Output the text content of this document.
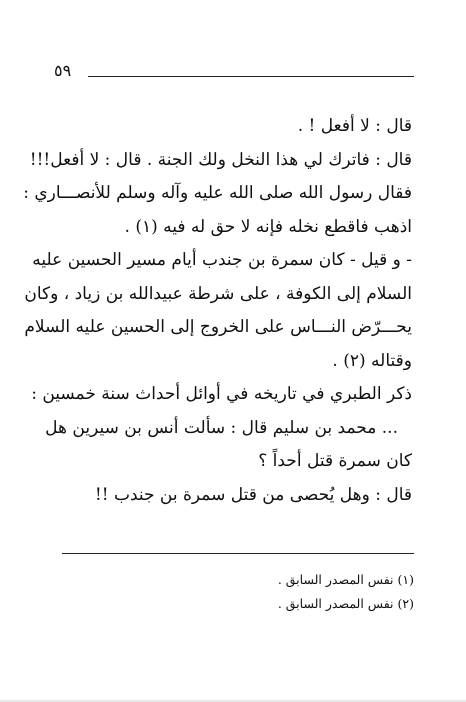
٥٩
قال : لا أفعل ! .
قال : فاترك لي هذا النخل ولك الجنة . قال : لا أفعل!!!
فقال رسول الله صلى الله عليه وآله وسلم للأنصـــاري :
اذهب فاقطع نخله فإنه لا حق له فيه (١) .
- و قيل - كان سمرة بن جندب أيام مسير الحسين عليه
السلام إلى الكوفة ، على شرطة عبيدالله بن زياد ، وكان
يحـــرّض النـــاس على الخروج إلى الحسين عليه السلام
وقتاله (٢) .
ذكر الطبري في تاريخه في أوائل أحداث سنة خمسين :
... محمد بن سليم قال : سألت أنس بن سيرين هل
كان سمرة قتل أحداً ؟
قال : وهل يُحصى من قتل سمرة بن جندب !!
(١) نفس المصدر السابق .
(٢) نفس المصدر السابق .
